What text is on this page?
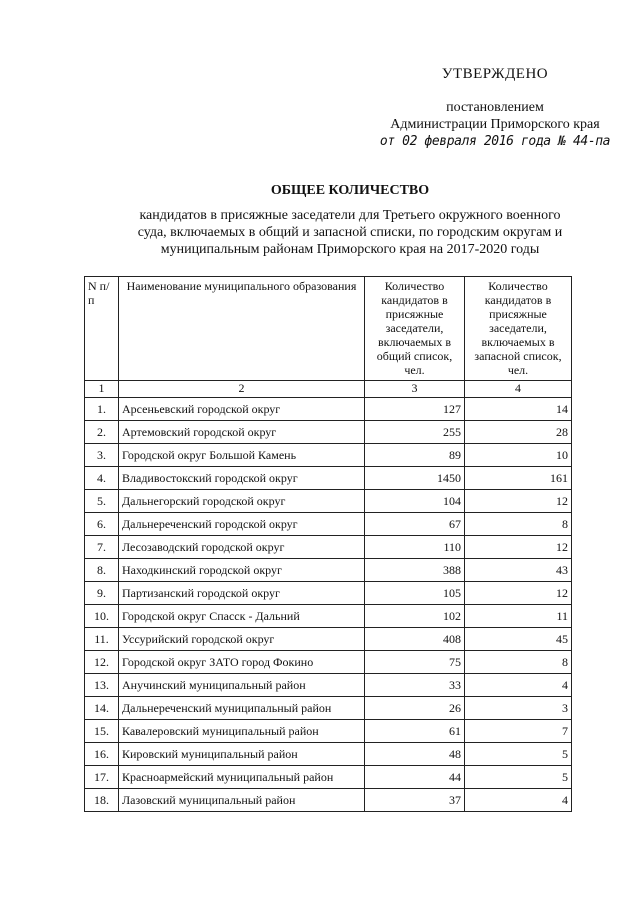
УТВЕРЖДЕНО
постановлением
Администрации Приморского края
от 02 февраля 2016 года № 44-па
ОБЩЕЕ КОЛИЧЕСТВО
кандидатов в присяжные заседатели для Третьего окружного военного
суда, включаемых в общий и запасной списки, по городским округам и
муниципальным районам Приморского края на 2017-2020 годы
N п/п	Наименование муниципального образования	Количество кандидатов в присяжные заседатели, включаемых в общий список, чел.	Количество кандидатов в присяжные заседатели, включаемых в запасной список, чел.
1	2	3	4
1.	Арсеньевский городской округ	127	14
2.	Артемовский городской округ	255	28
3.	Городской округ Большой Камень	89	10
4.	Владивостокский городской округ	1450	161
5.	Дальнегорский городской округ	104	12
6.	Дальнереченский городской округ	67	8
7.	Лесозаводский городской округ	110	12
8.	Находкинский городской округ	388	43
9.	Партизанский городской округ	105	12
10.	Городской округ Спасск - Дальний	102	11
11.	Уссурийский городской округ	408	45
12.	Городской округ ЗАТО город Фокино	75	8
13.	Анучинский муниципальный район	33	4
14.	Дальнереченский муниципальный район	26	3
15.	Кавалеровский муниципальный район	61	7
16.	Кировский муниципальный район	48	5
17.	Красноармейский муниципальный район	44	5
18.	Лазовский муниципальный район	37	4
